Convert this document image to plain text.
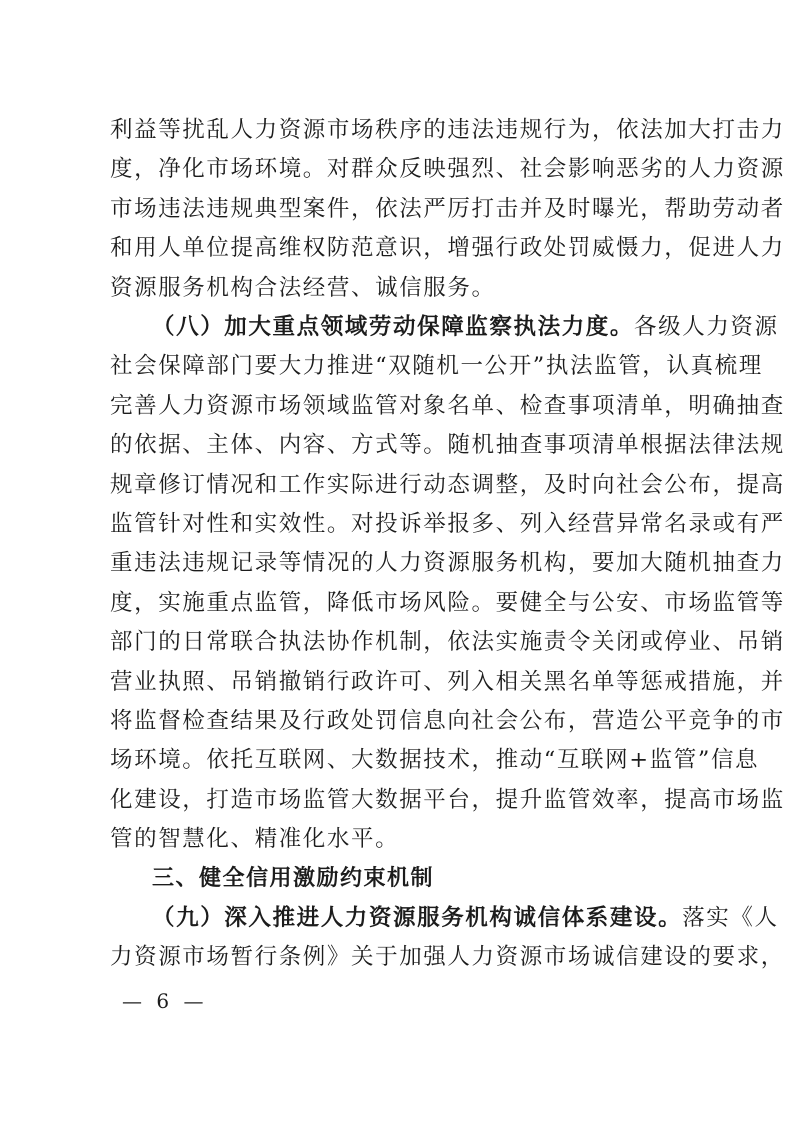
利益等扰乱人力资源市场秩序的违法违规行为，依法加大打击力
度，净化市场环境。对群众反映强烈、社会影响恶劣的人力资源
市场违法违规典型案件，依法严厉打击并及时曝光，帮助劳动者
和用人单位提高维权防范意识，增强行政处罚威慑力，促进人力
资源服务机构合法经营、诚信服务。
（八）加大重点领域劳动保障监察执法力度。各级人力资源
社会保障部门要大力推进“双随机一公开”执法监管，认真梳理
完善人力资源市场领域监管对象名单、检查事项清单，明确抽查
的依据、主体、内容、方式等。随机抽查事项清单根据法律法规
规章修订情况和工作实际进行动态调整，及时向社会公布，提高
监管针对性和实效性。对投诉举报多、列入经营异常名录或有严
重违法违规记录等情况的人力资源服务机构，要加大随机抽查力
度，实施重点监管，降低市场风险。要健全与公安、市场监管等
部门的日常联合执法协作机制，依法实施责令关闭或停业、吊销
营业执照、吊销撤销行政许可、列入相关黑名单等惩戒措施，并
将监督检查结果及行政处罚信息向社会公布，营造公平竞争的市
场环境。依托互联网、大数据技术，推动“互联网+监管”信息
化建设，打造市场监管大数据平台，提升监管效率，提高市场监
管的智慧化、精准化水平。
三、健全信用激励约束机制
（九）深入推进人力资源服务机构诚信体系建设。落实《人
— 6 —
力资源市场暂行条例》关于加强人力资源市场诚信建设的要求，
